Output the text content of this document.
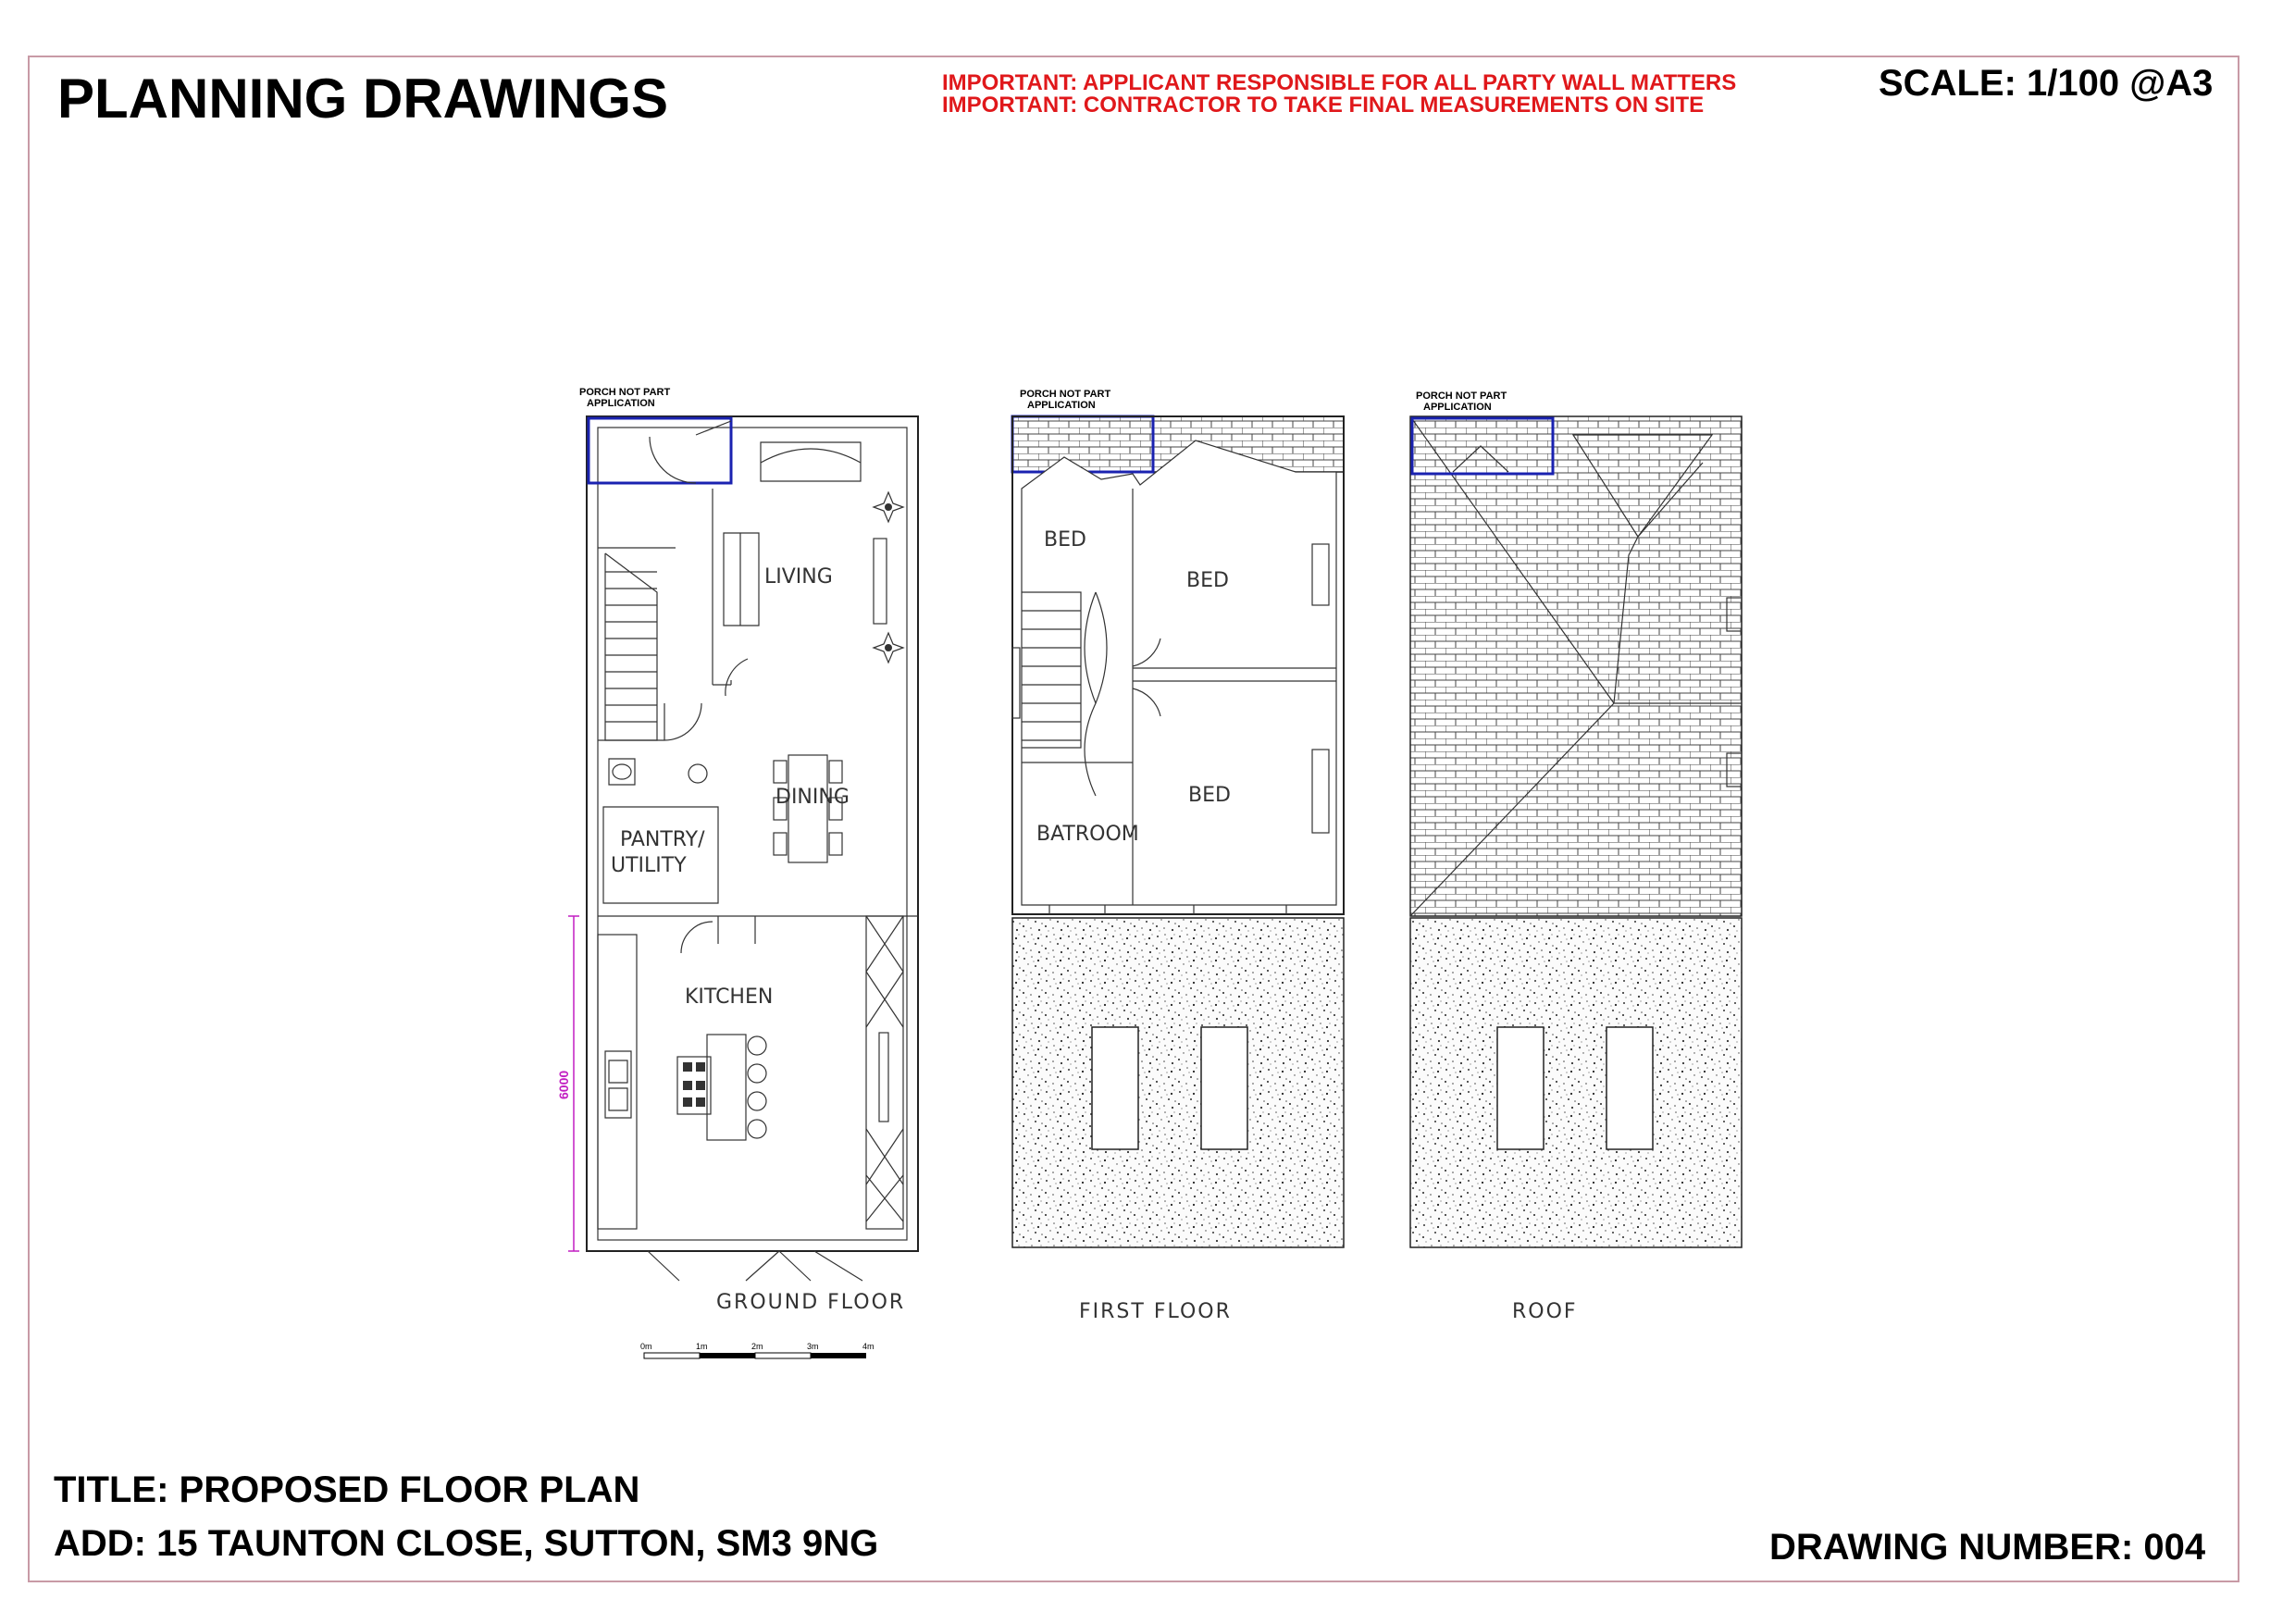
PLANNING DRAWINGS	IMPORTANT: APPLICANT RESPONSIBLE FOR ALL PARTY WALL MATTERS
IMPORTANT: CONTRACTOR TO TAKE FINAL MEASUREMENTS ON SITE
SCALE: 1/100 @A3
PORCH NOT PART
APPLICATION
PANTRY/
UTILITY
LIVING
DINING
KITCHEN
6000
GROUND FLOOR
0m	1m	2m	3m	4m
PORCH NOT PART
APPLICATION
BED
BED
BED
BATROOM
FIRST FLOOR
PORCH NOT PART
APPLICATION
ROOF
TITLE: PROPOSED FLOOR PLAN
ADD: 15 TAUNTON CLOSE, SUTTON, SM3 9NG	DRAWING NUMBER: 004
